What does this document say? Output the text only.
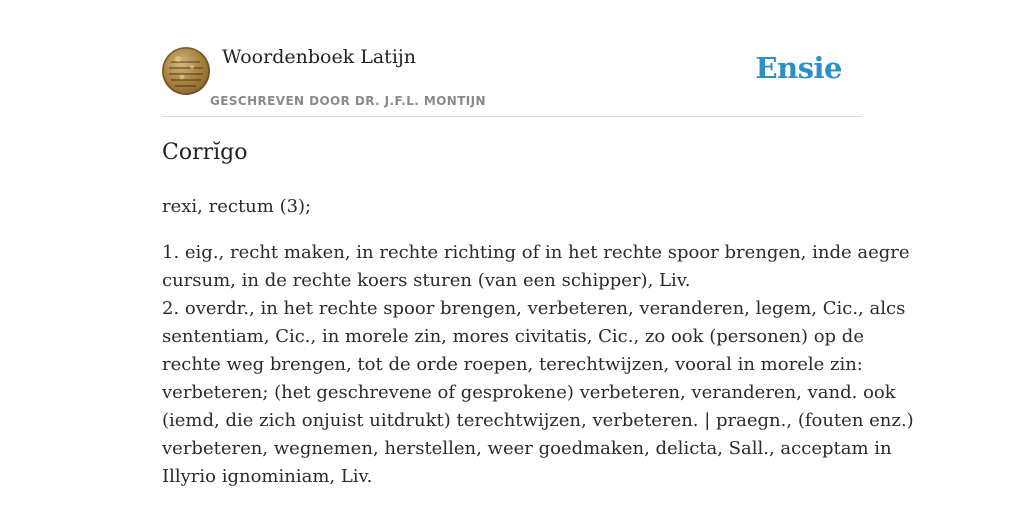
Woordenboek Latijn
GESCHREVEN DOOR DR. J.F.L. MONTIJN
Ensie
Corrĭgo
rexi, rectum (3);
1. eig., recht maken, in rechte richting of in het rechte spoor brengen, inde aegre
cursum, in de rechte koers sturen (van een schipper), Liv.
2. overdr., in het rechte spoor brengen, verbeteren, veranderen, legem, Cic., alcs
sententiam, Cic., in morele zin, mores civitatis, Cic., zo ook (personen) op de
rechte weg brengen, tot de orde roepen, terechtwijzen, vooral in morele zin:
verbeteren; (het geschrevene of gesprokene) verbeteren, veranderen, vand. ook
(iemd, die zich onjuist uitdrukt) terechtwijzen, verbeteren. | praegn., (fouten enz.)
verbeteren, wegnemen, herstellen, weer goedmaken, delicta, Sall., acceptam in
Illyrio ignominiam, Liv.
